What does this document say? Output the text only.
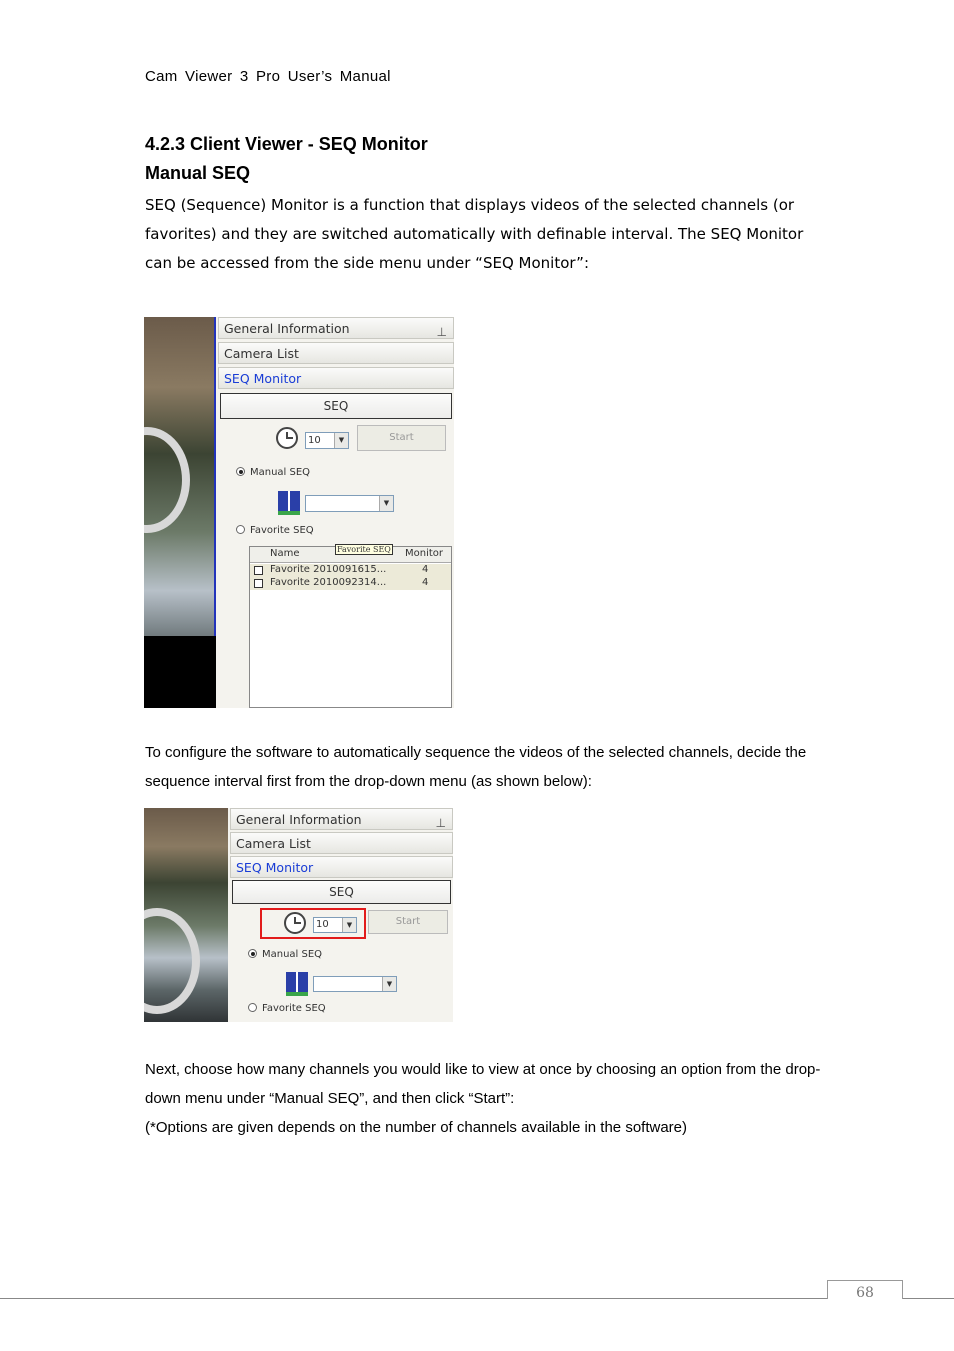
Cam Viewer 3 Pro User’s Manual
4.2.3 Client Viewer - SEQ Monitor
Manual SEQ
SEQ (Sequence) Monitor is a function that displays videos of the selected channels (or favorites) and they are switched automatically with definable interval. The SEQ Monitor can be accessed from the side menu under “SEQ Monitor”:
General Information	⊥
Camera List
SEQ Monitor
SEQ
10	▼	Start
Manual SEQ
▼
Favorite SEQ
Name	Monitor
Favorite SEQ
Favorite 2010091615...	4
Favorite 2010092314...	4
To configure the software to automatically sequence the videos of the selected channels, decide the sequence interval first from the drop-down menu (as shown below):
General Information	⊥
Camera List
SEQ Monitor
SEQ
10	▼	Start
Manual SEQ
▼
Favorite SEQ
Next, choose how many channels you would like to view at once by choosing an option from the drop-down menu under “Manual SEQ”, and then click “Start”:
(*Options are given depends on the number of channels available in the software)
68
